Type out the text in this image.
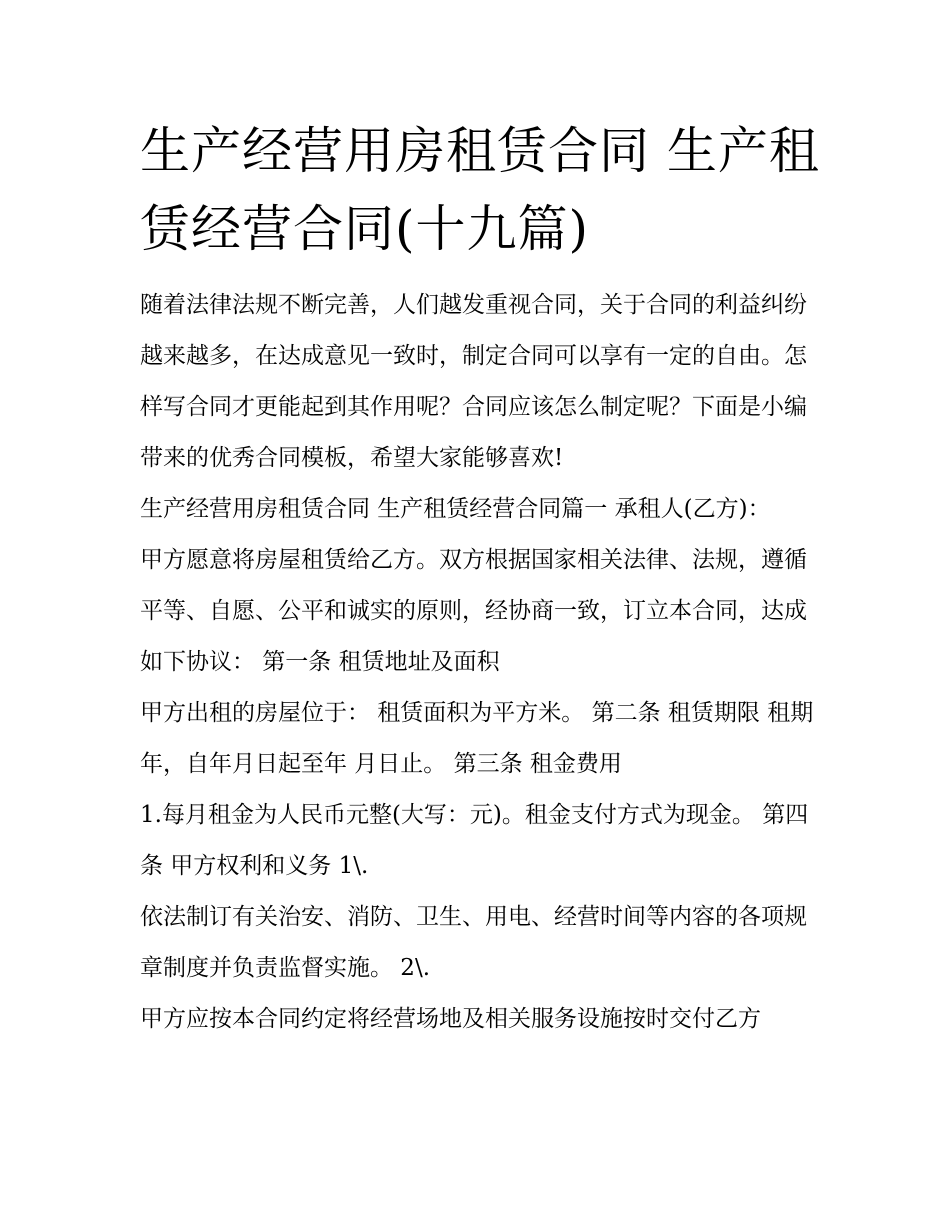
生产经营用房租赁合同 生产租赁经营合同(十九篇)

随着法律法规不断完善，人们越发重视合同，关于合同的利益纠纷越来越多，在达成意见一致时，制定合同可以享有一定的自由。怎样写合同才更能起到其作用呢？合同应该怎么制定呢？下面是小编带来的优秀合同模板，希望大家能够喜欢!

生产经营用房租赁合同 生产租赁经营合同篇一 承租人(乙方)：

甲方愿意将房屋租赁给乙方。双方根据国家相关法律、法规，遵循平等、自愿、公平和诚实的原则，经协商一致，订立本合同，达成如下协议： 第一条 租赁地址及面积

甲方出租的房屋位于： 租赁面积为平方米。 第二条 租赁期限 租期年，自年月日起至年 月日止。 第三条 租金费用

1.每月租金为人民币元整(大写：元)。租金支付方式为现金。 第四条 甲方权利和义务 1\.

依法制订有关治安、消防、卫生、用电、经营时间等内容的各项规章制度并负责监督实施。 2\.

甲方应按本合同约定将经营场地及相关服务设施按时交付乙方
